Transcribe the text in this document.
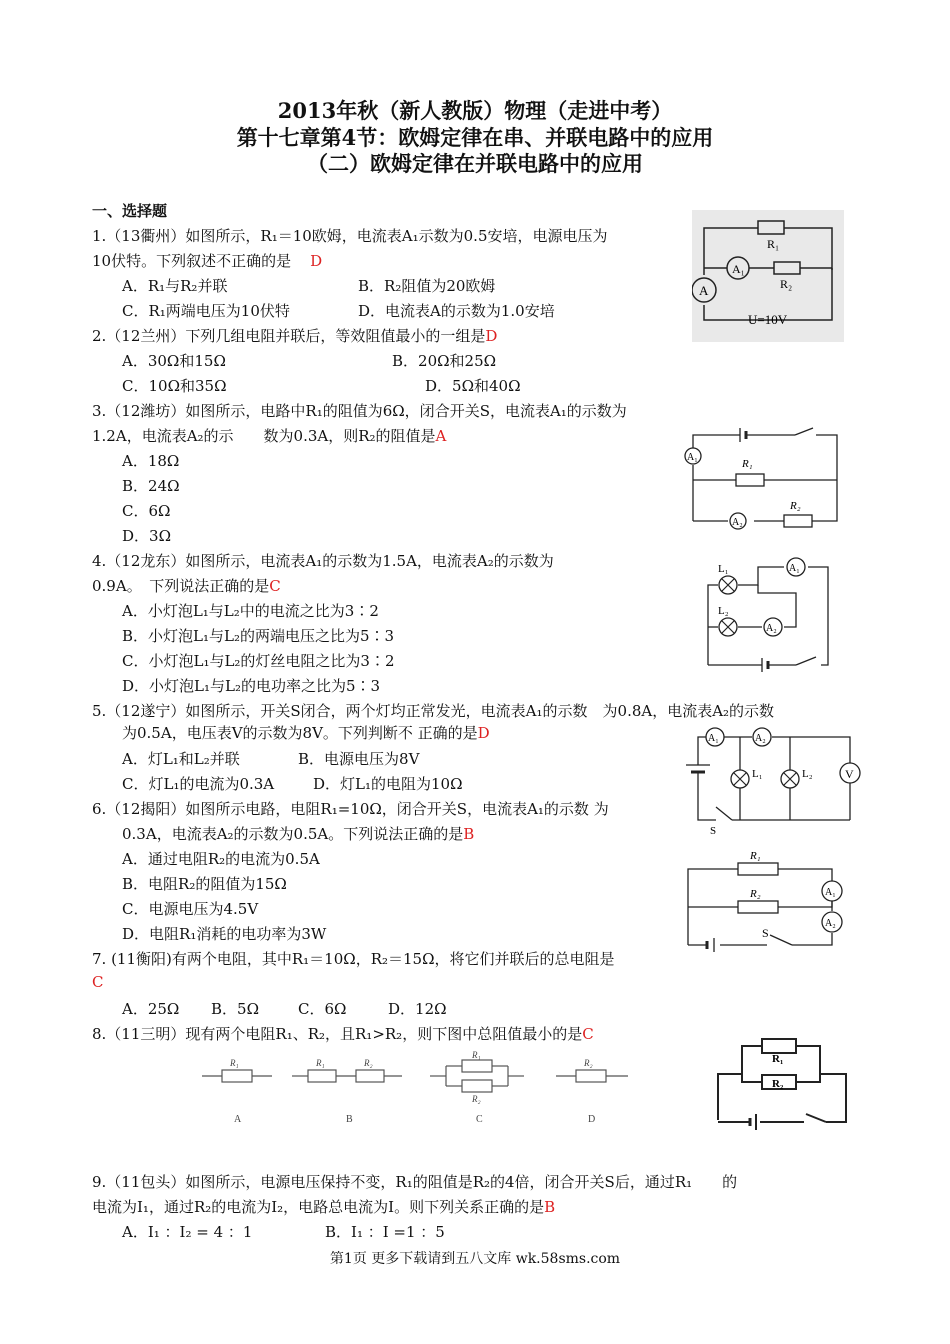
2013年秋（新人教版）物理（走进中考）
第十七章第4节：欧姆定律在串、并联电路中的应用
（二）欧姆定律在并联电路中的应用
一、选择题
1.（13衢州）如图所示，R₁＝10欧姆，电流表A₁示数为0.5安培，电源电压为
10伏特。下列叙述不正确的是 D
A．R₁与R₂并联	B．R₂阻值为20欧姆
C．R₁两端电压为10伏特	D．电流表A的示数为1.0安培
2.（12兰州）下列几组电阻并联后，等效阻值最小的一组是D
A．30Ω和15Ω	B．20Ω和25Ω
C．10Ω和35Ω	D．5Ω和40Ω
3.（12潍坊）如图所示，电路中R₁的阻值为6Ω，闭合开关S，电流表A₁的示数为
1.2A，电流表A₂的示　　数为0.3A，则R₂的阻值是A
A．18Ω
B．24Ω
C．6Ω
D．3Ω
4.（12龙东）如图所示，电流表A₁的示数为1.5A，电流表A₂的示数为
0.9A。　下列说法正确的是C
A．小灯泡L₁与L₂中的电流之比为3∶2
B．小灯泡L₁与L₂的两端电压之比为5∶3
C．小灯泡L₁与L₂的灯丝电阻之比为3∶2
D．小灯泡L₁与L₂的电功率之比为5∶3
5.（12遂宁）如图所示，开关S闭合，两个灯均正常发光，电流表A₁的示数　为0.8A，电流表A₂的示数
为0.5A，电压表V的示数为8V。下列判断不 正确的是D
A．灯L₁和L₂并联	B．电源电压为8V
C．灯L₁的电流为0.3A	D．灯L₁的电阻为10Ω
6.（12揭阳）如图所示电路，电阻R₁=10Ω，闭合开关S，电流表A₁的示数 为
0.3A，电流表A₂的示数为0.5A。下列说法正确的是B
A．通过电阻R₂的电流为0.5A
B．电阻R₂的阻值为15Ω
C．电源电压为4.5V
D．电阻R₁消耗的电功率为3W
7. (11衡阳)有两个电阻，其中R₁＝10Ω，R₂＝15Ω，将它们并联后的总电阻是
C
A．25Ω B．5Ω	C．6Ω	D．12Ω
8.（11三明）现有两个电阻R₁、R₂，且R₁>R₂，则下图中总阻值最小的是C
9.（11包头）如图所示，电源电压保持不变，R₁的阻值是R₂的4倍，闭合开关S后，通过R₁　　的
电流为I₁，通过R₂的电流为I₂，电路总电流为I。则下列关系正确的是B
A．I₁ ：I₂ = 4 ：1	B．I₁ ：I =1 ：5
第1页 更多下载请到五八文库 wk.58sms.com
A₁
A
R₁
R₂
U=10V
A₁
A₂
R₁
R₂
A₁
A₂
L₁
L₂
A₁	A₂
V
L₁	L₂
S
A₁
A₂
R₁
R₂
S
R₁	R₁	R₂
R₁
R₂
R₂
A	B	C	D
R₁
R₂
